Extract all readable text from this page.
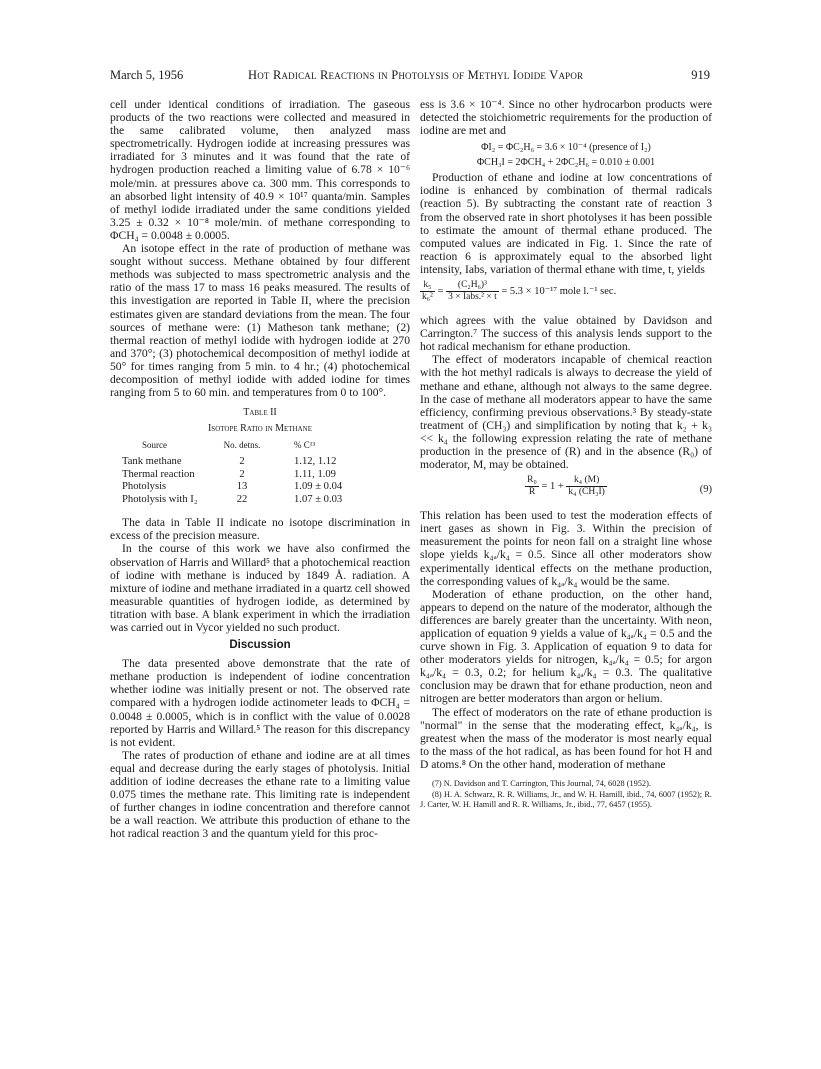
March 5, 1956	Hot Radical Reactions in Photolysis of Methyl Iodide Vapor	919

cell under identical conditions of irradiation. The gaseous products of the two reactions were collected and measured in the same calibrated volume, then analyzed mass spectrometrically. Hydrogen iodide at increasing pressures was irradiated for 3 minutes and it was found that the rate of hydrogen production reached a limiting value of 6.78 × 10⁻⁶ mole/min. at pressures above ca. 300 mm. This corresponds to an absorbed light intensity of 40.9 × 10¹⁷ quanta/min. Samples of methyl iodide irradiated under the same conditions yielded 3.25 ± 0.32 × 10⁻⁸ mole/min. of methane corresponding to ΦCH₄ = 0.0048 ± 0.0005.

An isotope effect in the rate of production of methane was sought without success. Methane obtained by four different methods was subjected to mass spectrometric analysis and the ratio of the mass 17 to mass 16 peaks measured. The results of this investigation are reported in Table II, where the precision estimates given are standard deviations from the mean. The four sources of methane were: (1) Matheson tank methane; (2) thermal reaction of methyl iodide with hydrogen iodide at 270 and 370°; (3) photochemical decomposition of methyl iodide at 50° for times ranging from 5 min. to 4 hr.; (4) photochemical decomposition of methyl iodide with added iodine for times ranging from 5 to 60 min. and temperatures from 0 to 100°.

Table II
Isotope Ratio in Methane
Source	No. detns.	% C¹³
Tank methane	2	1.12, 1.12
Thermal reaction	2	1.11, 1.09
Photolysis	13	1.09 ± 0.04
Photolysis with I₂	22	1.07 ± 0.03

The data in Table II indicate no isotope discrimination in excess of the precision measure.

In the course of this work we have also confirmed the observation of Harris and Willard⁵ that a photochemical reaction of iodine with methane is induced by 1849 Å. radiation. A mixture of iodine and methane irradiated in a quartz cell showed measurable quantities of hydrogen iodide, as determined by titration with base. A blank experiment in which the irradiation was carried out in Vycor yielded no such product.

Discussion

The data presented above demonstrate that the rate of methane production is independent of iodine concentration whether iodine was initially present or not. The observed rate compared with a hydrogen iodide actinometer leads to ΦCH₄ = 0.0048 ± 0.0005, which is in conflict with the value of 0.0028 reported by Harris and Willard.⁵ The reason for this discrepancy is not evident.

The rates of production of ethane and iodine are at all times equal and decrease during the early stages of photolysis. Initial addition of iodine decreases the ethane rate to a limiting value 0.075 times the methane rate. This limiting rate is independent of further changes in iodine concentration and therefore cannot be a wall reaction. We attribute this production of ethane to the hot radical reaction 3 and the quantum yield for this proc-

ess is 3.6 × 10⁻⁴. Since no other hydrocarbon products were detected the stoichiometric requirements for the production of iodine are met and

ΦI₂ = ΦC₂H₆ = 3.6 × 10⁻⁴ (presence of I₂)
ΦCH₃I = 2ΦCH₄ + 2ΦC₂H₆ = 0.010 ± 0.001

Production of ethane and iodine at low concentrations of iodine is enhanced by combination of thermal radicals (reaction 5). By subtracting the constant rate of reaction 3 from the observed rate in short photolyses it has been possible to estimate the amount of thermal ethane produced. The computed values are indicated in Fig. 1. Since the rate of reaction 6 is approximately equal to the absorbed light intensity, Iabs, variation of thermal ethane with time, t, yields

$\frac{\text{k₅}}{\text{k₆²}} = \frac{\text{(C₂H₆)³}}{\text{3 × Iabs.² × t}} = 5.3 \times 10^{-17}$ mole l.⁻¹ sec.

which agrees with the value obtained by Davidson and Carrington.⁷ The success of this analysis lends support to the hot radical mechanism for ethane production.

The effect of moderators incapable of chemical reaction with the hot methyl radicals is always to decrease the yield of methane and ethane, although not always to the same degree. In the case of methane all moderators appear to have the same efficiency, confirming previous observations.³ By steady-state treatment of (CH₃) and simplification by noting that k₂ + k₃ << k₄ the following expression relating the rate of methane production in the presence of (R) and in the absence (R₀) of moderator, M, may be obtained.

$\frac{\text{R₀}}{R} = 1 + \frac{\text{k₄ (M)}}{\text{k₄ (CH₃I)}}$	(9)

This relation has been used to test the moderation effects of inert gases as shown in Fig. 3. Within the precision of measurement the points for neon fall on a straight line whose slope yields k₄ₐ/k₄ = 0.5. Since all other moderators show experimentally identical effects on the methane production, the corresponding values of k₄ₐ/k₄ would be the same.

Moderation of ethane production, on the other hand, appears to depend on the nature of the moderator, although the differences are barely greater than the uncertainty. With neon, application of equation 9 yields a value of k₄ₐ/k₄ = 0.5 and the curve shown in Fig. 3. Application of equation 9 to data for other moderators yields for nitrogen, k₄ₐ/k₄ = 0.5; for argon k₄ₐ/k₄ = 0.3, 0.2; for helium k₄ₐ/k₄ = 0.3. The qualitative conclusion may be drawn that for ethane production, neon and nitrogen are better moderators than argon or helium.

The effect of moderators on the rate of ethane production is "normal" in the sense that the moderating effect, k₄ₐ/k₄, is greatest when the mass of the moderator is most nearly equal to the mass of the hot radical, as has been found for hot H and D atoms.⁸ On the other hand, moderation of methane

(7) N. Davidson and T. Carrington, This Journal, 74, 6028 (1952).
(8) H. A. Schwarz, R. R. Williams, Jr., and W. H. Hamill, ibid., 74, 6007 (1952); R. J. Carter, W. H. Hamill and R. R. Williams, Jr., ibid., 77, 6457 (1955).
